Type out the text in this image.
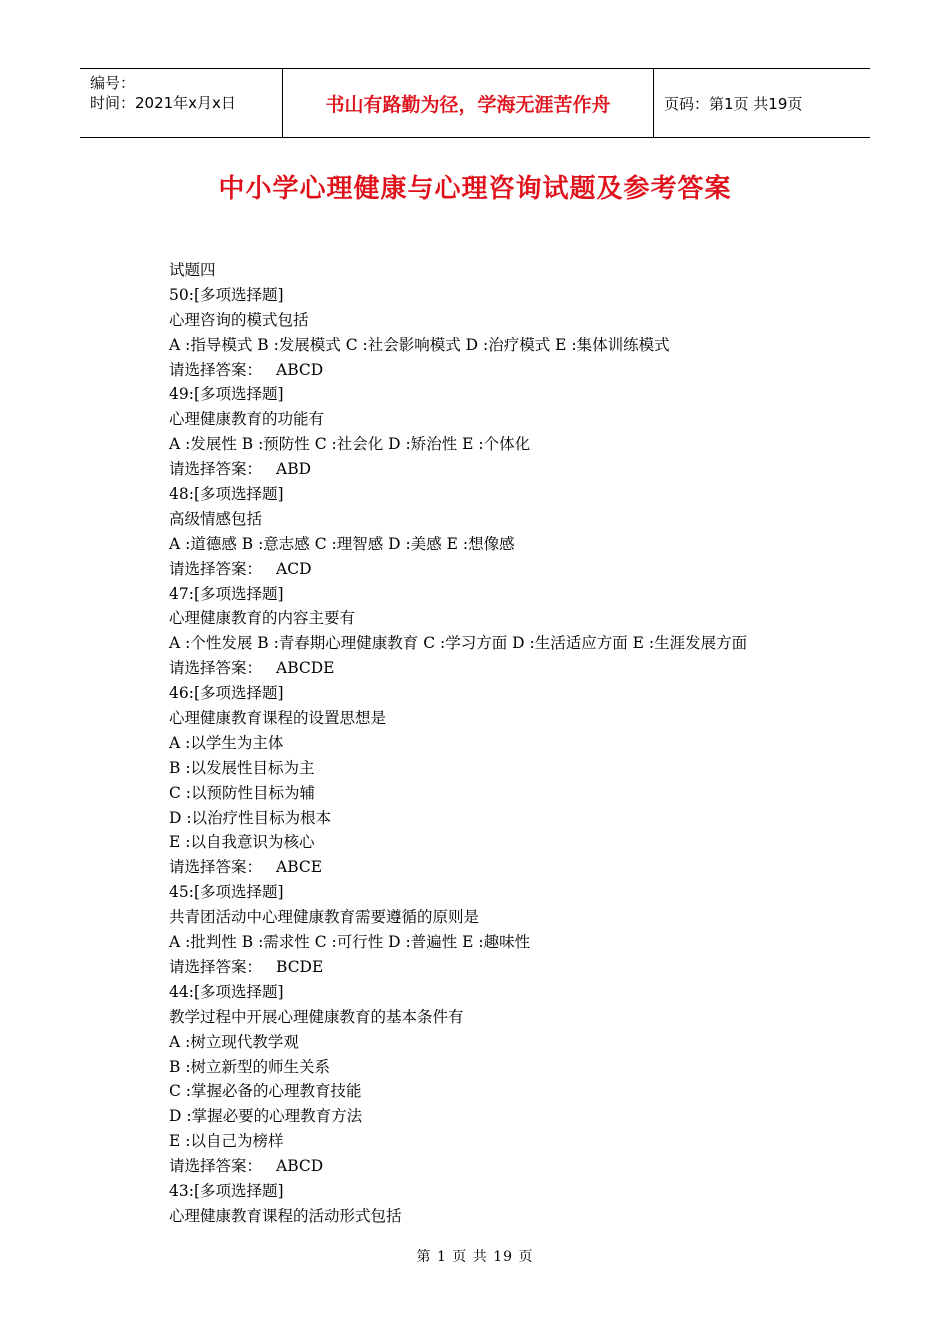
编号：
时间：2021年x月x日	书山有路勤为径，学海无涯苦作舟	页码：第1页 共19页
中小学心理健康与心理咨询试题及参考答案
试题四
50:[多项选择题]
心理咨询的模式包括
A :指导模式 B :发展模式 C :社会影响模式 D :治疗模式 E :集体训练模式
请选择答案： ABCD
49:[多项选择题]
心理健康教育的功能有
A :发展性 B :预防性 C :社会化 D :矫治性 E :个体化
请选择答案： ABD
48:[多项选择题]
高级情感包括
A :道德感 B :意志感 C :理智感 D :美感 E :想像感
请选择答案： ACD
47:[多项选择题]
心理健康教育的内容主要有
A :个性发展 B :青春期心理健康教育 C :学习方面 D :生活适应方面 E :生涯发展方面
请选择答案： ABCDE
46:[多项选择题]
心理健康教育课程的设置思想是
A :以学生为主体
B :以发展性目标为主
C :以预防性目标为辅
D :以治疗性目标为根本
E :以自我意识为核心
请选择答案： ABCE
45:[多项选择题]
共青团活动中心理健康教育需要遵循的原则是
A :批判性 B :需求性 C :可行性 D :普遍性 E :趣味性
请选择答案： BCDE
44:[多项选择题]
教学过程中开展心理健康教育的基本条件有
A :树立现代教学观
B :树立新型的师生关系
C :掌握必备的心理教育技能
D :掌握必要的心理教育方法
E :以自己为榜样
请选择答案： ABCD
43:[多项选择题]
心理健康教育课程的活动形式包括
第 1 页 共 19 页
